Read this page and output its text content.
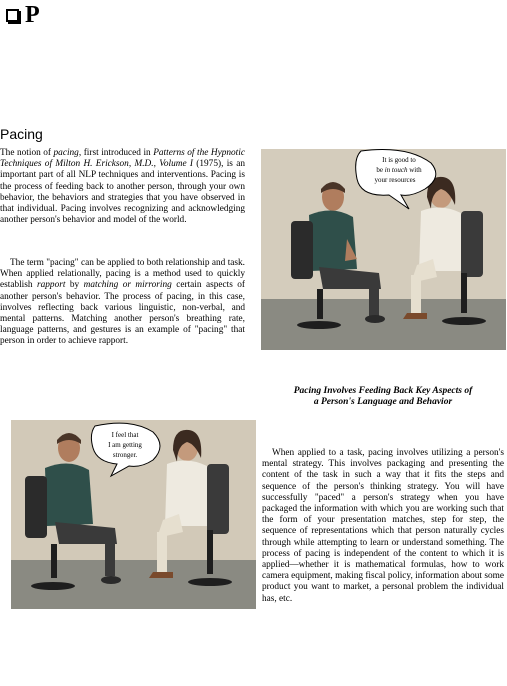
P
Pacing

The notion of pacing, first introduced in Patterns of the Hypnotic Techniques of Milton H. Erickson, M.D., Volume I (1975), is an important part of all NLP techniques and interventions. Pacing is the process of feeding back to another person, through your own behavior, the behaviors and strategies that you have observed in that individual. Pacing involves recognizing and acknowledging another person's behavior and model of the world.

The term "pacing" can be applied to both relationship and task. When applied relationally, pacing is a method used to quickly establish rapport by matching or mirroring certain aspects of another person's behavior. The process of pacing, in this case, involves reflecting back various linguistic, non-verbal, and mental patterns. Matching another person's breathing rate, language patterns, and gestures is an example of "pacing" that person in order to achieve rapport.

It is good to
be in touch with
your resources
Pacing Involves Feeding Back Key Aspects of
a Person's Language and Behavior
I feel that
I am getting
stronger.	When applied to a task, pacing involves utilizing a person's mental strategy. This involves packaging and presenting the content of the task in such a way that it fits the steps and sequence of the person's thinking strategy. You will have successfully "paced" a person's strategy when you have packaged the information with which you are working such that the form of your presentation matches, step for step, the sequence of representations which that person naturally cycles through while attempting to learn or understand something. The process of pacing is independent of the content to which it is applied—whether it is mathematical formulas, how to work camera equipment, making fiscal policy, information about some product you want to market, a personal problem the individual has, etc.
